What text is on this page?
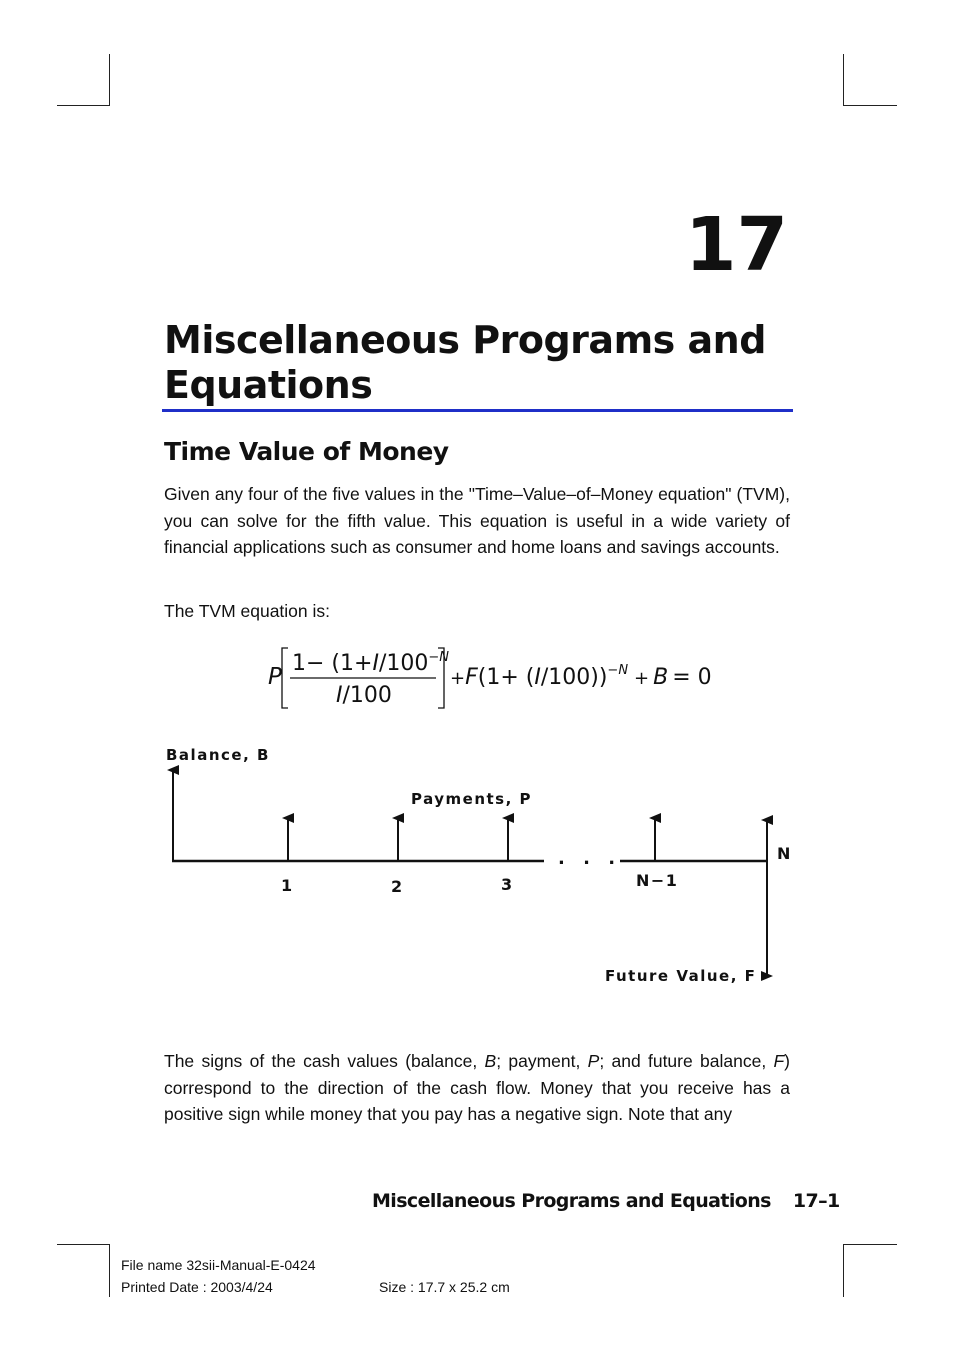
17
Miscellaneous Programs and Equations
Time Value of Money

Given any four of the five values in the "Time–Value–of–Money equation" (TVM), you can solve for the fifth value. This equation is useful in a wide variety of financial applications such as consumer and home loans and savings accounts.

The TVM equation is:

P
$1- (1+I/100^{-N}$
I/100
$+F(1+ (I/100))^{-N}$ $_+$ B = 0
Balance, B
Payments, P
Future Value, F
N
. . .
1	2	3	N−1

The signs of the cash values (balance, B; payment, P; and future balance, F) correspond to the direction of the cash flow. Money that you receive has a positive sign while money that you pay has a negative sign. Note that any

Miscellaneous Programs and Equations 17–1
File name 32sii-Manual-E-0424
Printed Date : 2003/4/24	Size : 17.7 x 25.2 cm
